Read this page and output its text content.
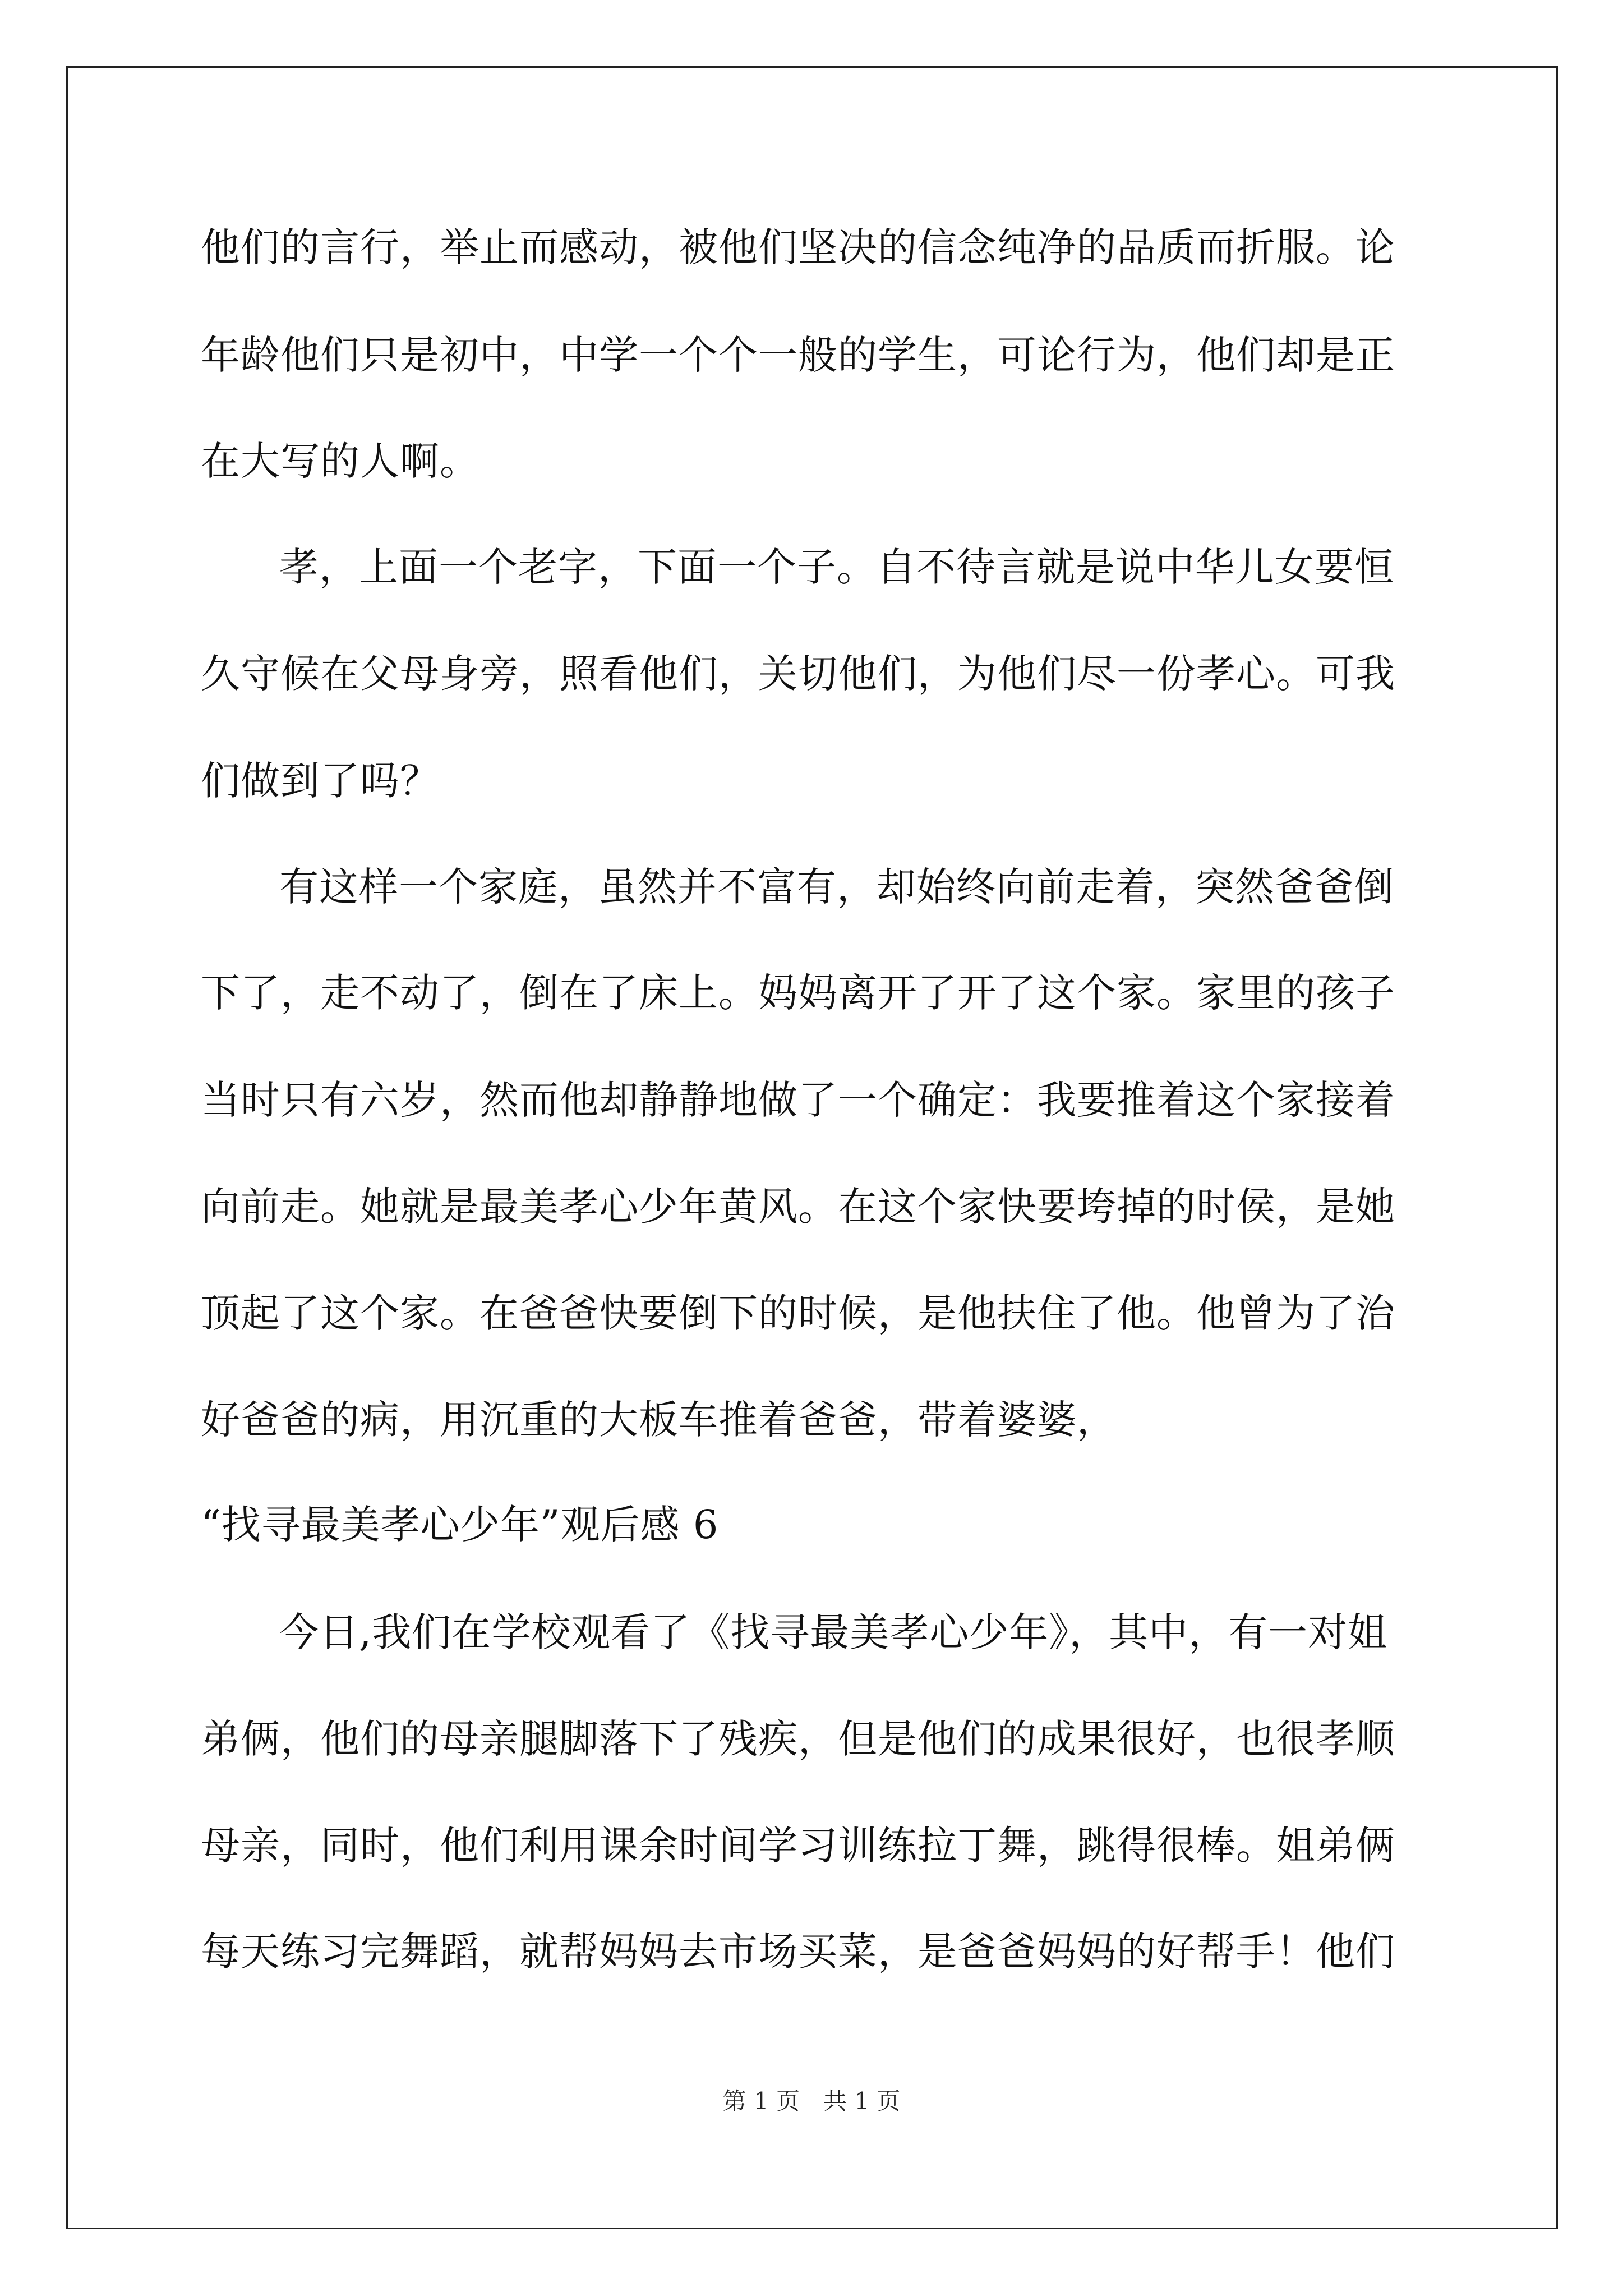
他们的言行，举止而感动，被他们坚决的信念纯净的品质而折服。论
年龄他们只是初中，中学一个个一般的学生，可论行为，他们却是正
在大写的人啊。
孝，上面一个老字，下面一个子。自不待言就是说中华儿女要恒
久守候在父母身旁，照看他们，关切他们，为他们尽一份孝心。可我
们做到了吗？
有这样一个家庭，虽然并不富有，却始终向前走着，突然爸爸倒
下了，走不动了，倒在了床上。妈妈离开了开了这个家。家里的孩子
当时只有六岁，然而他却静静地做了一个确定：我要推着这个家接着
向前走。她就是最美孝心少年黄风。在这个家快要垮掉的时侯，是她
顶起了这个家。在爸爸快要倒下的时候，是他扶住了他。他曾为了治
好爸爸的病，用沉重的大板车推着爸爸，带着婆婆，
“找寻最美孝心少年”观后感 6
今日,我们在学校观看了《找寻最美孝心少年》，其中，有一对姐
弟俩，他们的母亲腿脚落下了残疾，但是他们的成果很好，也很孝顺
母亲，同时，他们利用课余时间学习训练拉丁舞，跳得很棒。姐弟俩
每天练习完舞蹈，就帮妈妈去市场买菜，是爸爸妈妈的好帮手！他们
第 1 页　共 1 页
